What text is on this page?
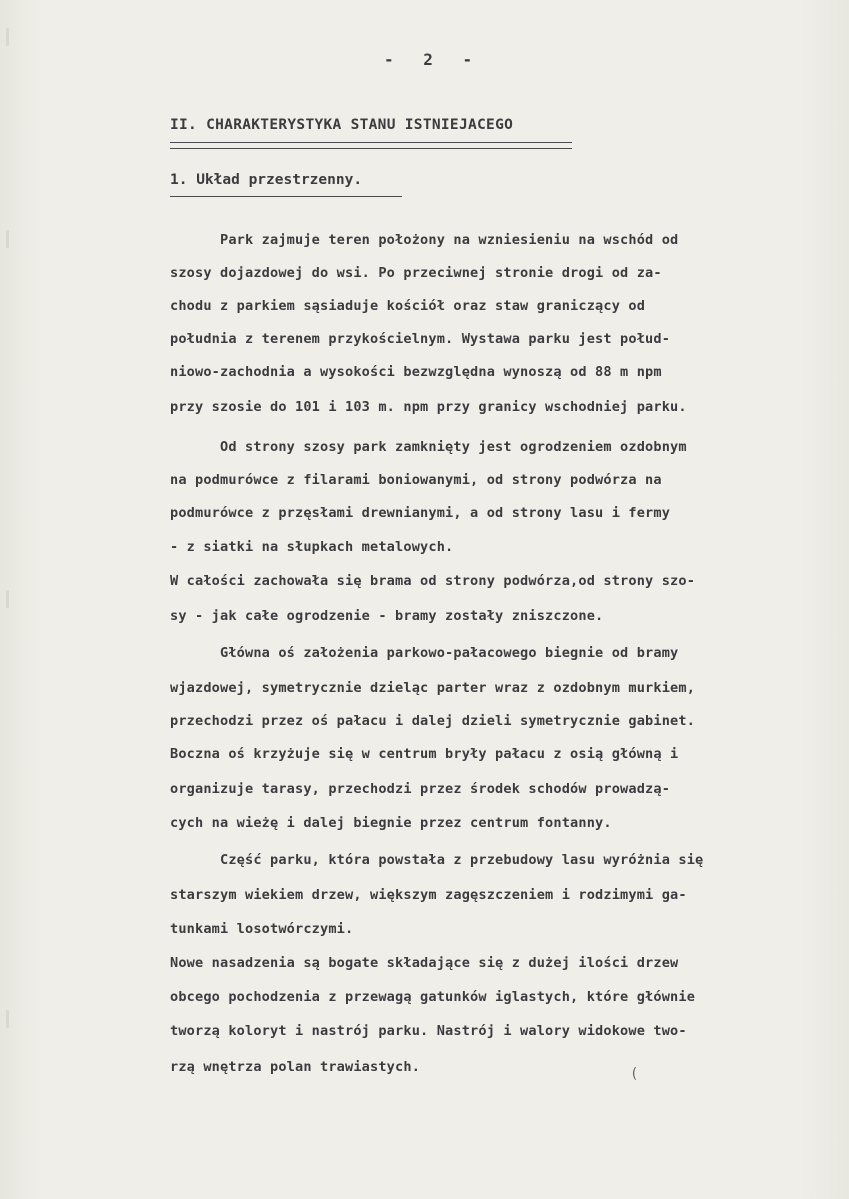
- 2 -
II. CHARAKTERYSTYKA STANU ISTNIEJACEGO
1. Układ przestrzenny.
Park zajmuje teren położony na wzniesieniu na wschód od
szosy dojazdowej do wsi. Po przeciwnej stronie drogi od za-
chodu z parkiem sąsiaduje kościół oraz staw graniczący od
południa z terenem przykościelnym. Wystawa parku jest połud-
niowo-zachodnia a wysokości bezwzględna wynoszą od 88 m npm
przy szosie do 101 i 103 m. npm przy granicy wschodniej parku.
Od strony szosy park zamknięty jest ogrodzeniem ozdobnym
na podmurówce z filarami boniowanymi, od strony podwórza na
podmurówce z przęsłami drewnianymi, a od strony lasu i fermy
- z siatki na słupkach metalowych.
W całości zachowała się brama od strony podwórza,od strony szo-
sy - jak całe ogrodzenie - bramy zostały zniszczone.
Główna oś założenia parkowo-pałacowego biegnie od bramy
wjazdowej, symetrycznie dzieląc parter wraz z ozdobnym murkiem,
przechodzi przez oś pałacu i dalej dzieli symetrycznie gabinet.
Boczna oś krzyżuje się w centrum bryły pałacu z osią główną i
organizuje tarasy, przechodzi przez środek schodów prowadzą-
cych na wieżę i dalej biegnie przez centrum fontanny.
Część parku, która powstała z przebudowy lasu wyróżnia się
starszym wiekiem drzew, większym zagęszczeniem i rodzimymi ga-
tunkami losotwórczymi.
Nowe nasadzenia są bogate składające się z dużej ilości drzew
obcego pochodzenia z przewagą gatunków iglastych, które głównie
tworzą koloryt i nastrój parku. Nastrój i walory widokowe two-
rzą wnętrza polan trawiastych.	(
